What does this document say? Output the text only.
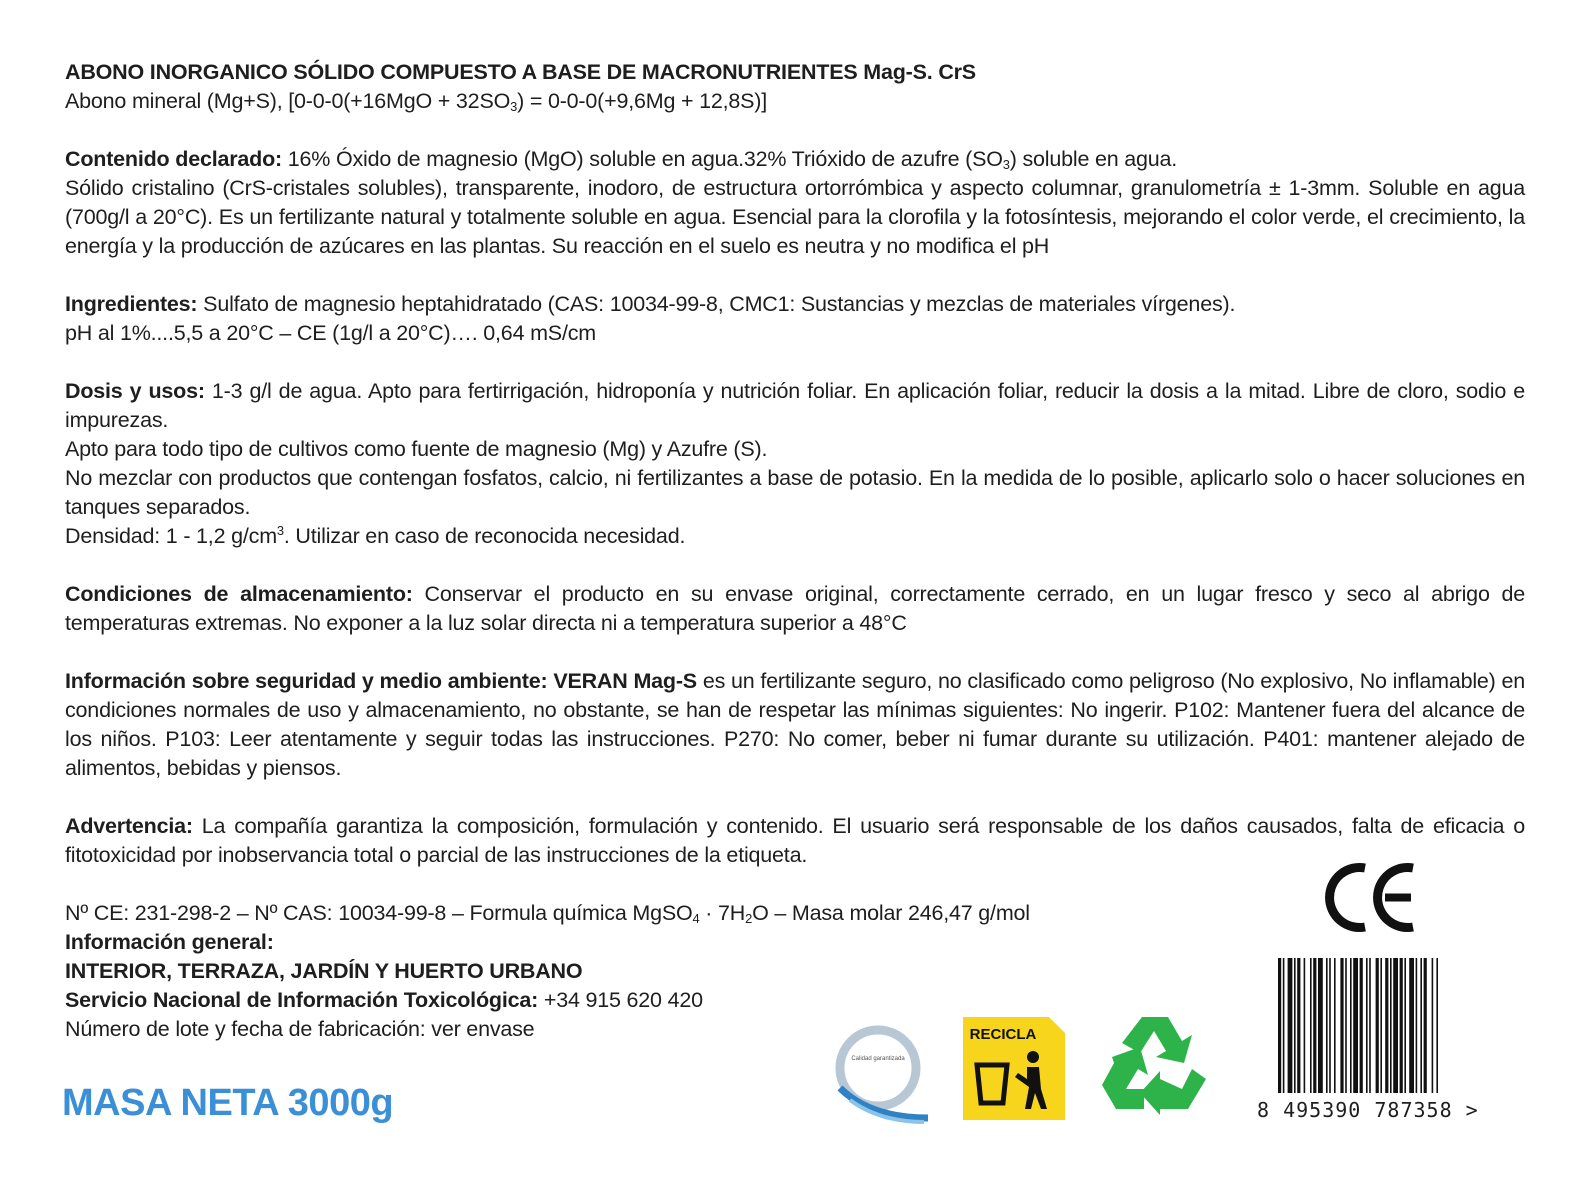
ABONO INORGANICO SÓLIDO COMPUESTO A BASE DE MACRONUTRIENTES Mag-S. CrS
Abono mineral (Mg+S), $[0-0-0(+16MgO + 32SO_3) = 0-0-0(+9,6Mg + 12,8S)]$
Contenido declarado: 16% Óxido de magnesio (MgO) soluble en agua.32% Trióxido de azufre $(SO_3)$ soluble en agua.
Sólido cristalino (CrS-cristales solubles), transparente, inodoro, de estructura ortorrómbica y aspecto columnar, granulometría ± 1-3mm. Soluble en agua (700g/l a 20°C). Es un fertilizante natural y totalmente soluble en agua. Esencial para la clorofila y la fotosíntesis, mejorando el color verde, el crecimiento, la energía y la producción de azúcares en las plantas. Su reacción en el suelo es neutra y no modifica el pH
Ingredientes: Sulfato de magnesio heptahidratado (CAS: 10034-99-8, CMC1: Sustancias y mezclas de materiales vírgenes).
pH al 1%....5,5 a 20°C – CE (1g/l a 20°C)…. 0,64 mS/cm
Dosis y usos: 1-3 g/l de agua. Apto para fertirrigación, hidroponía y nutrición foliar. En aplicación foliar, reducir la dosis a la mitad. Libre de cloro, sodio e impurezas.
Apto para todo tipo de cultivos como fuente de magnesio (Mg) y Azufre (S).
No mezclar con productos que contengan fosfatos, calcio, ni fertilizantes a base de potasio. En la medida de lo posible, aplicarlo solo o hacer soluciones en tanques separados.
Densidad: 1 - 1,2 $g/cm^3$. Utilizar en caso de reconocida necesidad.
Condiciones de almacenamiento: Conservar el producto en su envase original, correctamente cerrado, en un lugar fresco y seco al abrigo de temperaturas extremas. No exponer a la luz solar directa ni a temperatura superior a 48°C
Información sobre seguridad y medio ambiente: VERAN Mag-S es un fertilizante seguro, no clasificado como peligroso (No explosivo, No inflamable) en condiciones normales de uso y almacenamiento, no obstante, se han de respetar las mínimas siguientes: No ingerir. P102: Mantener fuera del alcance de los niños. P103: Leer atentamente y seguir todas las instrucciones. P270: No comer, beber ni fumar durante su utilización. P401: mantener alejado de alimentos, bebidas y piensos.
Advertencia: La compañía garantiza la composición, formulación y contenido. El usuario será responsable de los daños causados, falta de eficacia o fitotoxicidad por inobservancia total o parcial de las instrucciones de la etiqueta.
Nº CE: 231-298-2 – Nº CAS: 10034-99-8 – Formula química MgSO$_4$ · $7H_2O$ – Masa molar 246,47 g/mol
Información general:
INTERIOR, TERRAZA, JARDÍN Y HUERTO URBANO
Servicio Nacional de Información Toxicológica: +34 915 620 420
Número de lote y fecha de fabricación: ver envase
MASA NETA 3000g
Calidad garantizada
RECICLA
8 495390 787358 >
